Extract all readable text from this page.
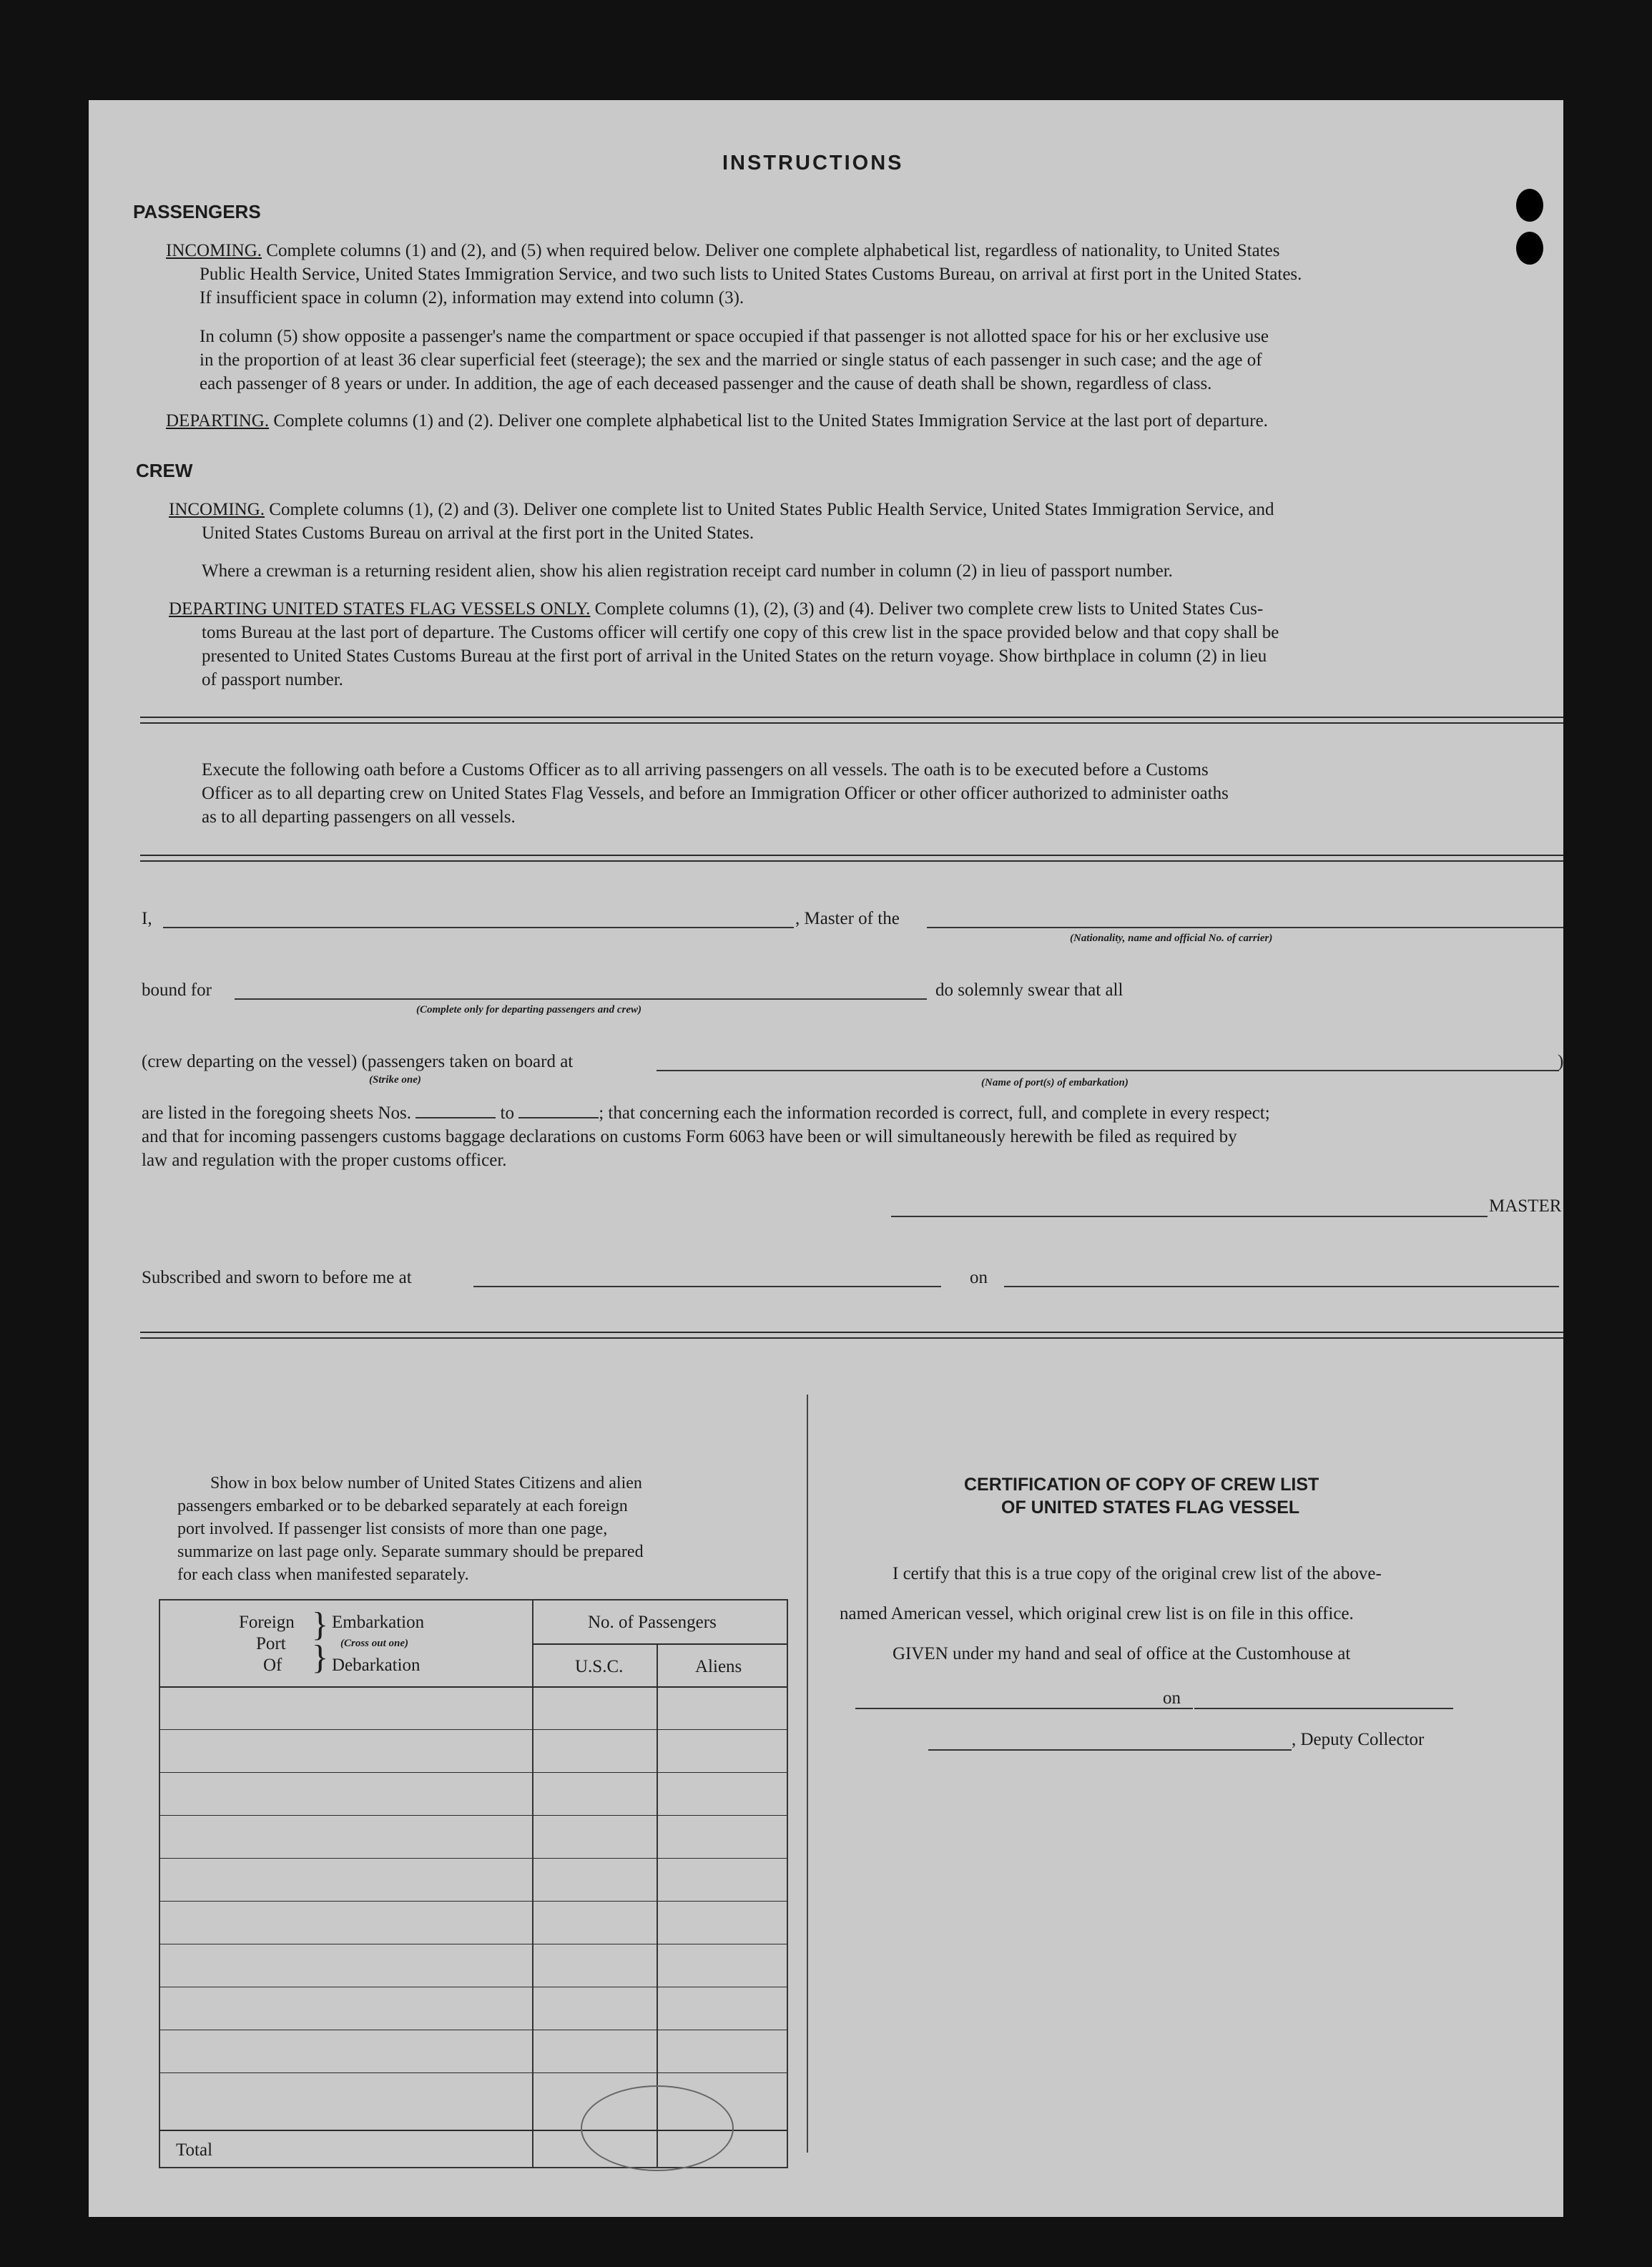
INSTRUCTIONS
PASSENGERS
INCOMING. Complete columns (1) and (2), and (5) when required below. Deliver one complete alphabetical list, regardless of nationality, to United States
Public Health Service, United States Immigration Service, and two such lists to United States Customs Bureau, on arrival at first port in the United States.
If insufficient space in column (2), information may extend into column (3).
In column (5) show opposite a passenger's name the compartment or space occupied if that passenger is not allotted space for his or her exclusive use
in the proportion of at least 36 clear superficial feet (steerage); the sex and the married or single status of each passenger in such case; and the age of
each passenger of 8 years or under. In addition, the age of each deceased passenger and the cause of death shall be shown, regardless of class.
DEPARTING. Complete columns (1) and (2). Deliver one complete alphabetical list to the United States Immigration Service at the last port of departure.
CREW
INCOMING. Complete columns (1), (2) and (3). Deliver one complete list to United States Public Health Service, United States Immigration Service, and
United States Customs Bureau on arrival at the first port in the United States.
Where a crewman is a returning resident alien, show his alien registration receipt card number in column (2) in lieu of passport number.
DEPARTING UNITED STATES FLAG VESSELS ONLY. Complete columns (1), (2), (3) and (4). Deliver two complete crew lists to United States Cus-
toms Bureau at the last port of departure. The Customs officer will certify one copy of this crew list in the space provided below and that copy shall be
presented to United States Customs Bureau at the first port of arrival in the United States on the return voyage. Show birthplace in column (2) in lieu
of passport number.
Execute the following oath before a Customs Officer as to all arriving passengers on all vessels. The oath is to be executed before a Customs
Officer as to all departing crew on United States Flag Vessels, and before an Immigration Officer or other officer authorized to administer oaths
as to all departing passengers on all vessels.
I,	, Master of the
(Nationality, name and official No. of carrier)
bound for
(Complete only for departing passengers and crew)
do solemnly swear that all
(crew departing on the vessel) (passengers taken on board at
(Strike one)	(Name of port(s) of embarkation)
)
are listed in the foregoing sheets Nos.	to	; that concerning each the information recorded is correct, full, and complete in every respect;
and that for incoming passengers customs baggage declarations on customs Form 6063 have been or will simultaneously herewith be filed as required by
law and regulation with the proper customs officer.
MASTER
Subscribed and sworn to before me at	on
Show in box below number of United States Citizens and alien
passengers embarked or to be debarked separately at each foreign
port involved. If passenger list consists of more than one page,
summarize on last page only. Separate summary should be prepared
for each class when manifested separately.
Foreign
Port
Of
}
}
Embarkation
(Cross out one)
Debarkation
No. of Passengers
U.S.C.	Aliens
Total
CERTIFICATION OF COPY OF CREW LIST
OF UNITED STATES FLAG VESSEL
I certify that this is a true copy of the original crew list of the above-
named American vessel, which original crew list is on file in this office.
GIVEN under my hand and seal of office at the Customhouse at
on
, Deputy Collector
